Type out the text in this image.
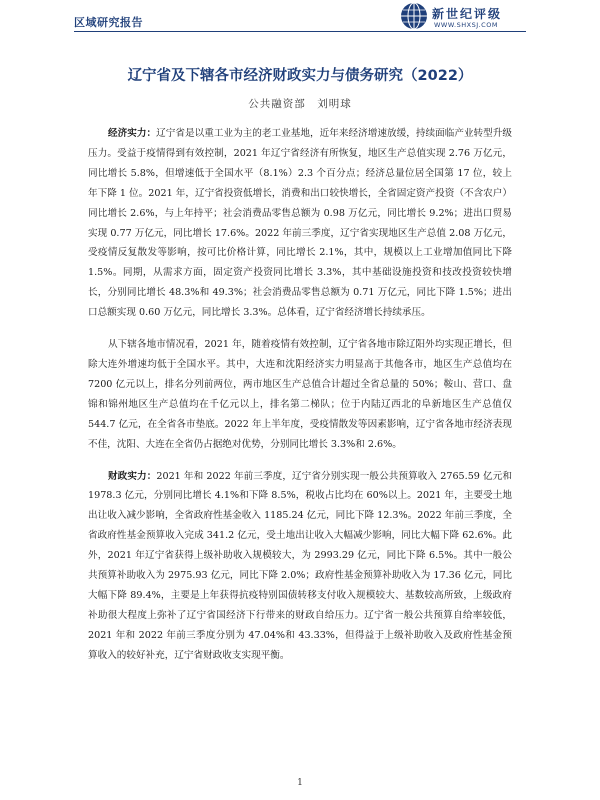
区域研究报告
新世纪评级
WWW.SHXSJ.COM
辽宁省及下辖各市经济财政实力与债务研究（2022）
公共融资部　刘明球

经济实力：辽宁省是以重工业为主的老工业基地，近年来经济增速放缓，持续面临产业转型升级压力。受益于疫情得到有效控制，2021 年辽宁省经济有所恢复，地区生产总值实现 2.76 万亿元，同比增长 5.8%，但增速低于全国水平（8.1%）2.3 个百分点；经济总量位居全国第 17 位，较上年下降 1 位。2021 年，辽宁省投资低增长，消费和出口较快增长，全省固定资产投资（不含农户）同比增长 2.6%，与上年持平；社会消费品零售总额为 0.98 万亿元，同比增长 9.2%；进出口贸易实现 0.77 万亿元，同比增长 17.6%。2022 年前三季度，辽宁省实现地区生产总值 2.08 万亿元，受疫情反复散发等影响，按可比价格计算，同比增长 2.1%，其中，规模以上工业增加值同比下降 1.5%。同期，从需求方面，固定资产投资同比增长 3.3%，其中基础设施投资和技改投资较快增长，分别同比增长 48.3%和 49.3%；社会消费品零售总额为 0.71 万亿元，同比下降 1.5%；进出口总额实现 0.60 万亿元，同比增长 3.3%。总体看，辽宁省经济增长持续承压。

从下辖各地市情况看，2021 年，随着疫情有效控制，辽宁省各地市除辽阳外均实现正增长，但除大连外增速均低于全国水平。其中，大连和沈阳经济实力明显高于其他各市，地区生产总值均在 7200 亿元以上，排名分列前两位，两市地区生产总值合计超过全省总量的 50%；鞍山、营口、盘锦和锦州地区生产总值均在千亿元以上，排名第二梯队；位于内陆辽西北的阜新地区生产总值仅 544.7 亿元，在全省各市垫底。2022 年上半年度，受疫情散发等因素影响，辽宁省各地市经济表现不佳，沈阳、大连在全省仍占据绝对优势，分别同比增长 3.3%和 2.6%。

财政实力：2021 年和 2022 年前三季度，辽宁省分别实现一般公共预算收入 2765.59 亿元和 1978.3 亿元，分别同比增长 4.1%和下降 8.5%，税收占比均在 60%以上。2021 年，主要受土地出让收入减少影响，全省政府性基金收入 1185.24 亿元，同比下降 12.3%。2022 年前三季度，全省政府性基金预算收入完成 341.2 亿元，受土地出让收入大幅减少影响，同比大幅下降 62.6%。此外，2021 年辽宁省获得上级补助收入规模较大，为 2993.29 亿元，同比下降 6.5%。其中一般公共预算补助收入为 2975.93 亿元，同比下降 2.0%；政府性基金预算补助收入为 17.36 亿元，同比大幅下降 89.4%，主要是上年获得抗疫特别国债转移支付收入规模较大、基数较高所致，上级政府补助很大程度上弥补了辽宁省国经济下行带来的财政自给压力。辽宁省一般公共预算自给率较低，2021 年和 2022 年前三季度分别为 47.04%和 43.33%，但得益于上级补助收入及政府性基金预算收入的较好补充，辽宁省财政收支实现平衡。

1
